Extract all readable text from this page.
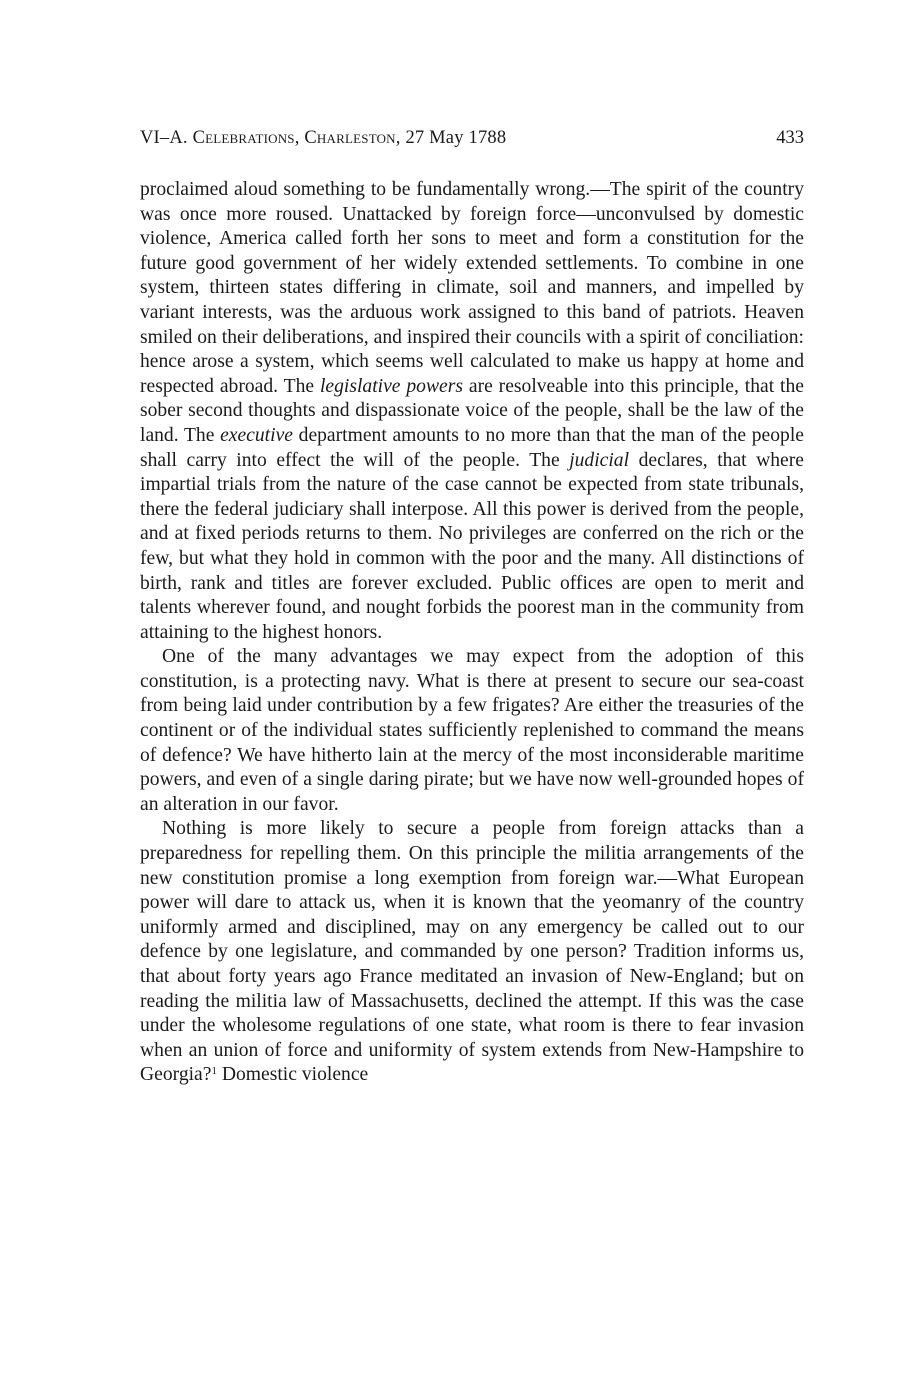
VI–A. Celebrations, Charleston, 27 May 1788	433

proclaimed aloud something to be fundamentally wrong.—The spirit of the country was once more roused. Unattacked by foreign force—unconvulsed by domestic violence, America called forth her sons to meet and form a constitution for the future good government of her widely extended settlements. To combine in one system, thirteen states differing in climate, soil and manners, and impelled by variant interests, was the arduous work assigned to this band of patriots. Heaven smiled on their deliberations, and inspired their councils with a spirit of conciliation: hence arose a system, which seems well calculated to make us happy at home and respected abroad. The legislative powers are resolveable into this principle, that the sober second thoughts and dispassionate voice of the people, shall be the law of the land. The executive department amounts to no more than that the man of the people shall carry into effect the will of the people. The judicial declares, that where impartial trials from the nature of the case cannot be expected from state tribunals, there the federal judiciary shall interpose. All this power is derived from the people, and at fixed periods returns to them. No privileges are conferred on the rich or the few, but what they hold in common with the poor and the many. All distinctions of birth, rank and titles are forever excluded. Public offices are open to merit and talents wherever found, and nought forbids the poorest man in the community from attaining to the highest honors.

One of the many advantages we may expect from the adoption of this constitution, is a protecting navy. What is there at present to secure our sea-coast from being laid under contribution by a few frigates? Are either the treasuries of the continent or of the individual states sufficiently replenished to command the means of defence? We have hitherto lain at the mercy of the most inconsiderable maritime powers, and even of a single daring pirate; but we have now well-grounded hopes of an alteration in our favor.

Nothing is more likely to secure a people from foreign attacks than a preparedness for repelling them. On this principle the militia arrangements of the new constitution promise a long exemption from foreign war.—What European power will dare to attack us, when it is known that the yeomanry of the country uniformly armed and disciplined, may on any emergency be called out to our defence by one legislature, and commanded by one person? Tradition informs us, that about forty years ago France meditated an invasion of New-England; but on reading the militia law of Massachusetts, declined the attempt. If this was the case under the wholesome regulations of one state, what room is there to fear invasion when an union of force and uniformity of system extends from New-Hampshire to Georgia?$^1$ Domestic violence
